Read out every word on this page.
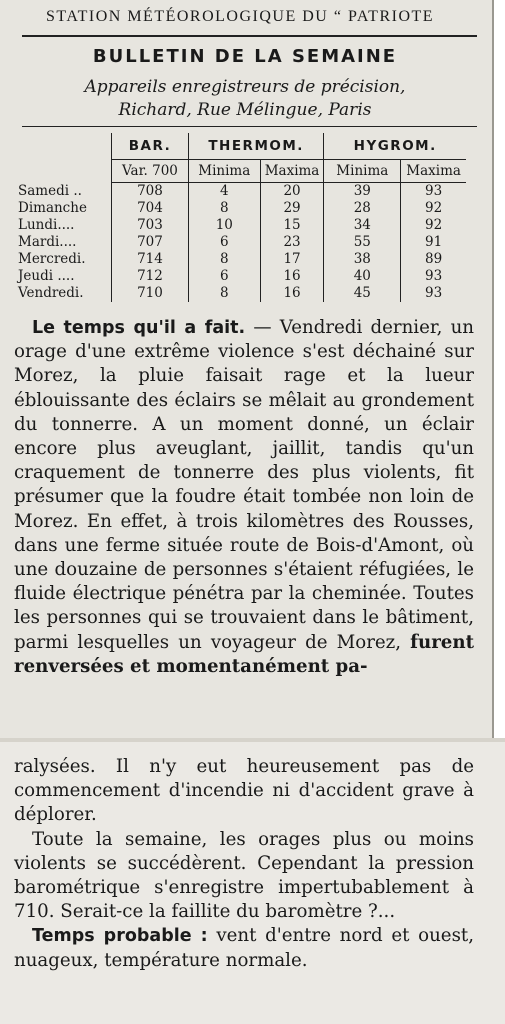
STATION MÉTÉOROLOGIQUE DU “ PATRIOTE
BULLETIN DE LA SEMAINE
Appareils enregistreurs de précision,
Richard, Rue Mélingue, Paris
	BAR.	THERMOM.		HYGROM.	
	Var. 700	Minima	Maxima	Minima	Maxima
Samedi ..	708	4	20	39	93
Dimanche	704	8	29	28	92
Lundi....	703	10	15	34	92
Mardi....	707	6	23	55	91
Mercredi.	714	8	17	38	89
Jeudi ....	712	6	16	40	93
Vendredi.	710	8	16	45	93

Le temps qu'il a fait. — Vendredi dernier, un orage d'une extrême violence s'est déchainé sur Morez, la pluie faisait rage et la lueur éblouissante des éclairs se mêlait au grondement du tonnerre. A un moment donné, un éclair encore plus aveuglant, jaillit, tandis qu'un craquement de tonnerre des plus violents, fit présumer que la foudre était tombée non loin de Morez. En effet, à trois kilomètres des Rousses, dans une ferme située route de Bois-d'Amont, où une douzaine de personnes s'étaient réfugiées, le fluide électrique pénétra par la cheminée. Toutes les personnes qui se trouvaient dans le bâtiment, parmi lesquelles un voyageur de Morez, furent renversées et momentanément pa-

ralysées. Il n'y eut heureusement pas de commencement d'incendie ni d'accident grave à déplorer.

Toute la semaine, les orages plus ou moins violents se succédèrent. Cependant la pression barométrique s'enregistre impertubablement à 710. Serait-ce la faillite du baromètre ?...

Temps probable : vent d'entre nord et ouest, nuageux, température normale.
